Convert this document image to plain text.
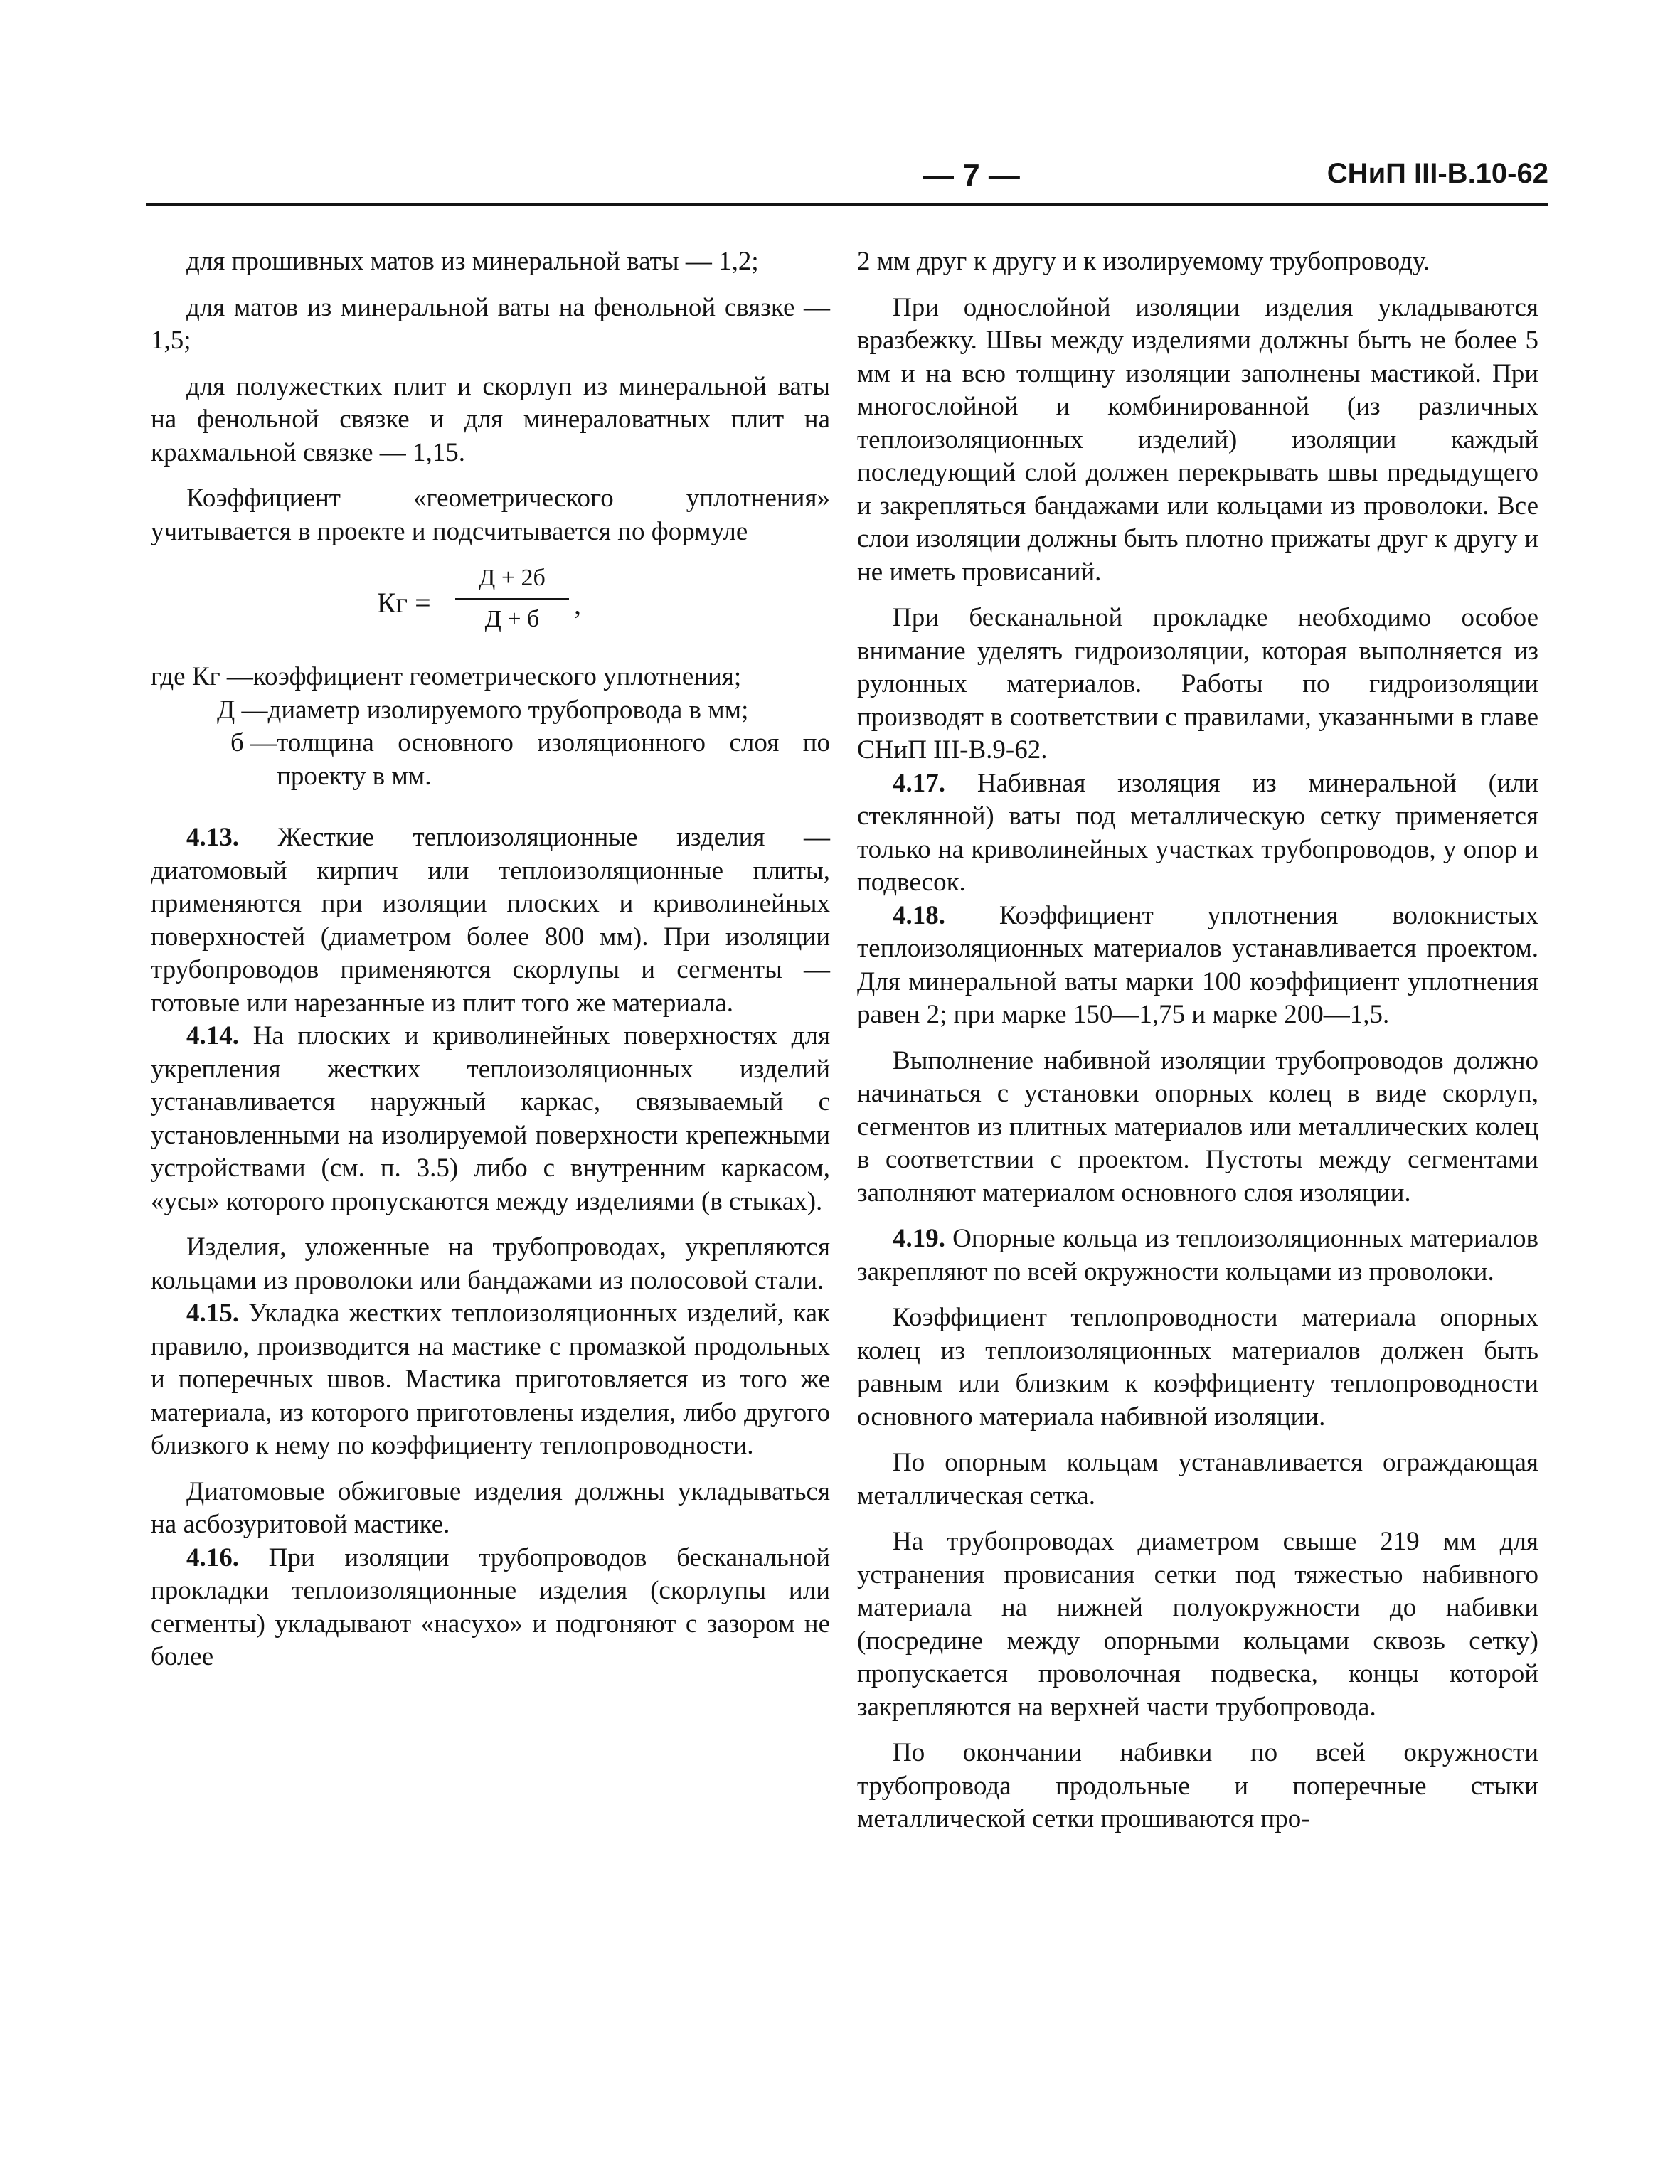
— 7 —	СНиП III-В.10-62

для прошивных матов из минеральной ваты — 1,2;

для матов из минеральной ваты на фенольной связке — 1,5;

для полужестких плит и скорлуп из минеральной ваты на фенольной связке и для минераловатных плит на крахмальной связке — 1,15.

Коэффициент «геометрического уплотнения» учитывается в проекте и подсчитывается по формуле

Кг =
Д + 2б
Д + б	,
где Кг — коэффициент геометрического уплотнения;
Д — диаметр изолируемого трубопровода в мм;
б — толщина основного изоляционного слоя по проекту в мм.

4.13. Жесткие теплоизоляционные изделия — диатомовый кирпич или теплоизоляционные плиты, применяются при изоляции плоских и криволинейных поверхностей (диаметром более 800 мм). При изоляции трубопроводов применяются скорлупы и сегменты — готовые или нарезанные из плит того же материала.

4.14. На плоских и криволинейных поверхностях для укрепления жестких теплоизоляционных изделий устанавливается наружный каркас, связываемый с установленными на изолируемой поверхности крепежными устройствами (см. п. 3.5) либо с внутренним каркасом, «усы» которого пропускаются между изделиями (в стыках).

Изделия, уложенные на трубопроводах, укрепляются кольцами из проволоки или бандажами из полосовой стали.

4.15. Укладка жестких теплоизоляционных изделий, как правило, производится на мастике с промазкой продольных и поперечных швов. Мастика приготовляется из того же материала, из которого приготовлены изделия, либо другого близкого к нему по коэффициенту теплопроводности.

Диатомовые обжиговые изделия должны укладываться на асбозуритовой мастике.

4.16. При изоляции трубопроводов бесканальной прокладки теплоизоляционные изделия (скорлупы или сегменты) укладывают «насухо» и подгоняют с зазором не более

2 мм друг к другу и к изолируемому трубопроводу.

При однослойной изоляции изделия укладываются вразбежку. Швы между изделиями должны быть не более 5 мм и на всю толщину изоляции заполнены мастикой. При многослойной и комбинированной (из различных теплоизоляционных изделий) изоляции каждый последующий слой должен перекрывать швы предыдущего и закрепляться бандажами или кольцами из проволоки. Все слои изоляции должны быть плотно прижаты друг к другу и не иметь провисаний.

При бесканальной прокладке необходимо особое внимание уделять гидроизоляции, которая выполняется из рулонных материалов. Работы по гидроизоляции производят в соответствии с правилами, указанными в главе СНиП III-В.9-62.

4.17. Набивная изоляция из минеральной (или стеклянной) ваты под металлическую сетку применяется только на криволинейных участках трубопроводов, у опор и подвесок.

4.18. Коэффициент уплотнения волокнистых теплоизоляционных материалов устанавливается проектом. Для минеральной ваты марки 100 коэффициент уплотнения равен 2; при марке 150—1,75 и марке 200—1,5.

Выполнение набивной изоляции трубопроводов должно начинаться с установки опорных колец в виде скорлуп, сегментов из плитных материалов или металлических колец в соответствии с проектом. Пустоты между сегментами заполняют материалом основного слоя изоляции.

4.19. Опорные кольца из теплоизоляционных материалов закрепляют по всей окружности кольцами из проволоки.

Коэффициент теплопроводности материала опорных колец из теплоизоляционных материалов должен быть равным или близким к коэффициенту теплопроводности основного материала набивной изоляции.

По опорным кольцам устанавливается ограждающая металлическая сетка.

На трубопроводах диаметром свыше 219 мм для устранения провисания сетки под тяжестью набивного материала на нижней полуокружности до набивки (посредине между опорными кольцами сквозь сетку) пропускается проволочная подвеска, концы которой закрепляются на верхней части трубопровода.

По окончании набивки по всей окружности трубопровода продольные и поперечные стыки металлической сетки прошиваются про-
